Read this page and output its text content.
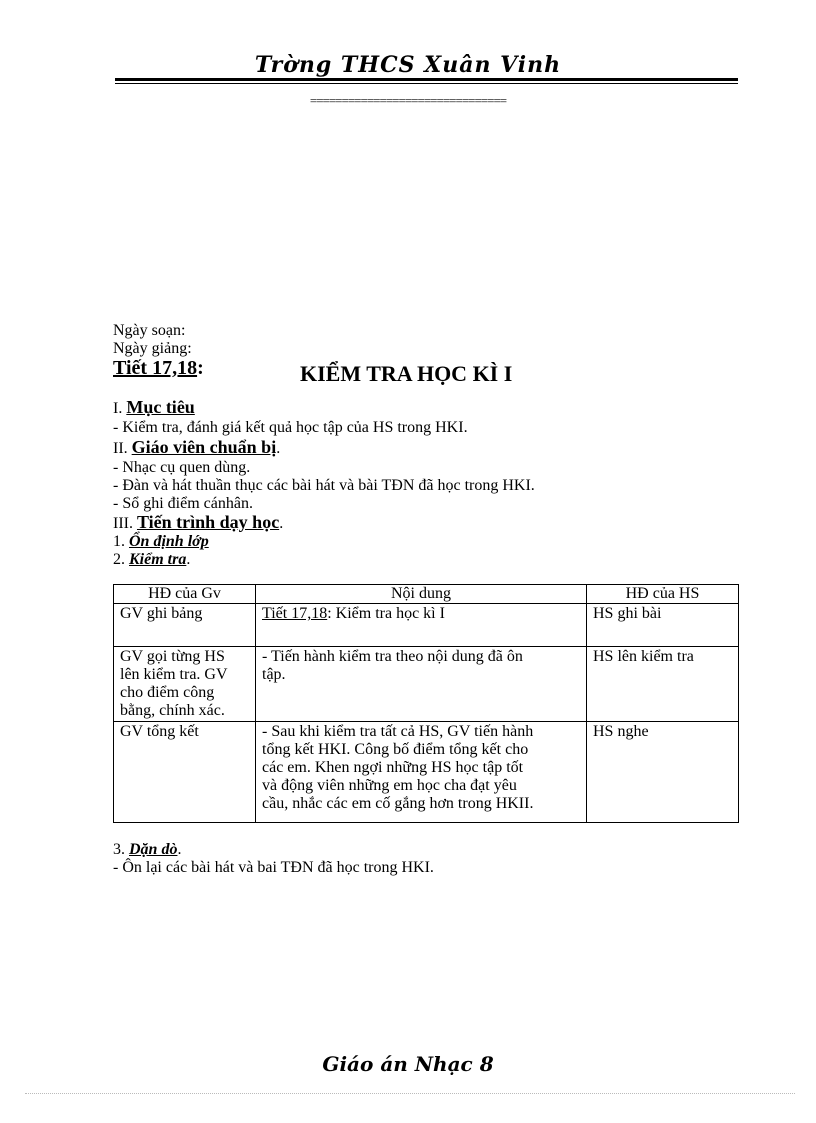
Trờng THCS Xuân Vinh
===============================
Ngày soạn:
Ngày giảng:
Tiết 17,18:	KIỂM TRA HỌC KÌ I
I. Mục tiêu
- Kiểm tra, đánh giá kết quả học tập của HS trong HKI.
II. Giáo viên chuẩn bị.
- Nhạc cụ quen dùng.
- Đàn và hát thuần thục các bài hát và bài TĐN đã học trong HKI.
- Sổ ghi điểm cánhân.
III. Tiến trình dạy học.
1. Ổn định lớp
2. Kiểm tra.
HĐ của Gv	Nội dung	HĐ của HS

GV ghi bảng	Tiết 17,18: Kiểm tra học kì I	HS ghi bài

GV gọi từng HS
lên kiểm tra. GV
cho điểm công
bằng, chính xác.	- Tiến hành kiểm tra theo nội dung đã ôn
tập.	HS lên kiểm tra

GV tổng kết	- Sau khi kiểm tra tất cả HS, GV tiến hành
tổng kết HKI. Công bố điểm tổng kết cho
các em. Khen ngợi những HS học tập tốt
và động viên những em học cha đạt yêu
cầu, nhắc các em cố gắng hơn trong HKII.	HS nghe
3. Dặn dò.
- Ôn lại các bài hát và bai TĐN đã học trong HKI.
Giáo án Nhạc 8
